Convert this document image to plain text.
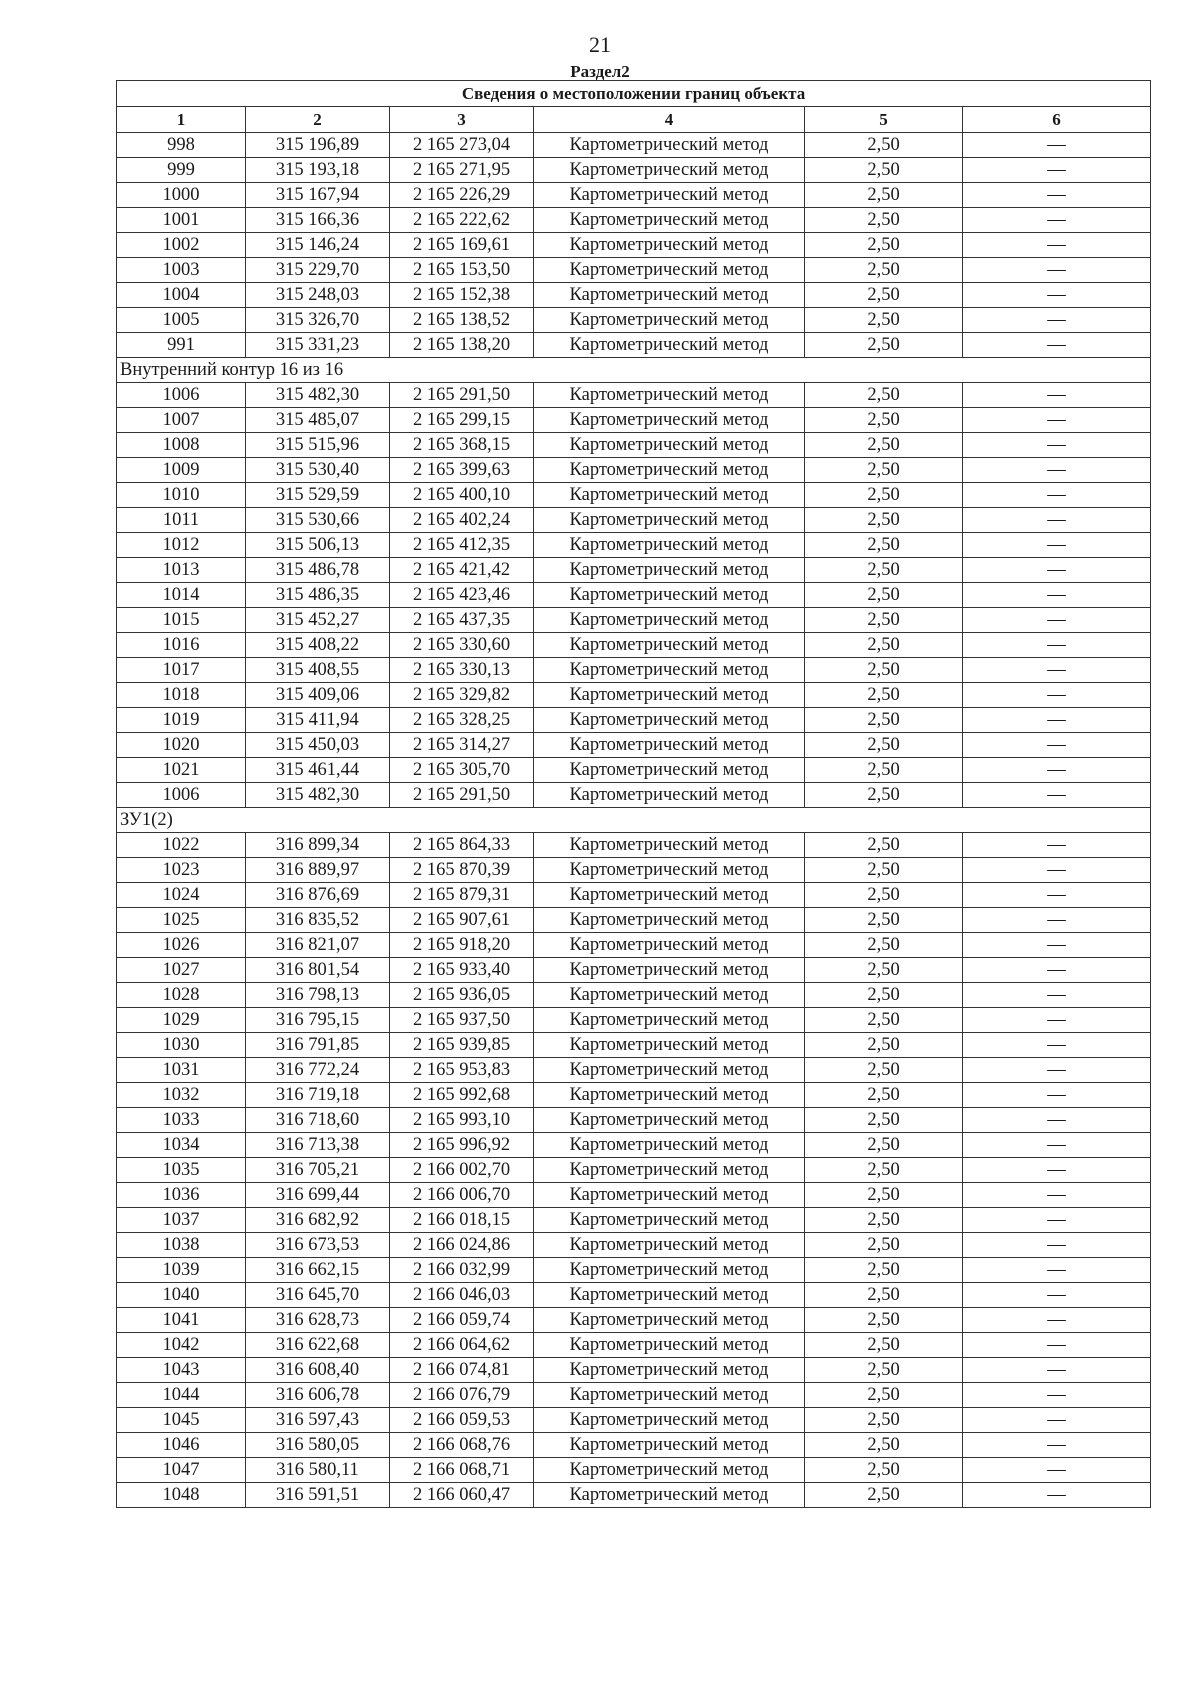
21
Раздел2
Сведения о местоположении границ объекта					
1	2	3	4	5	6
998	315 196,89	2 165 273,04	Картометрический метод	2,50	—
999	315 193,18	2 165 271,95	Картометрический метод	2,50	—
1000	315 167,94	2 165 226,29	Картометрический метод	2,50	—
1001	315 166,36	2 165 222,62	Картометрический метод	2,50	—
1002	315 146,24	2 165 169,61	Картометрический метод	2,50	—
1003	315 229,70	2 165 153,50	Картометрический метод	2,50	—
1004	315 248,03	2 165 152,38	Картометрический метод	2,50	—
1005	315 326,70	2 165 138,52	Картометрический метод	2,50	—
991	315 331,23	2 165 138,20	Картометрический метод	2,50	—
Внутренний контур 16 из 16					
1006	315 482,30	2 165 291,50	Картометрический метод	2,50	—
1007	315 485,07	2 165 299,15	Картометрический метод	2,50	—
1008	315 515,96	2 165 368,15	Картометрический метод	2,50	—
1009	315 530,40	2 165 399,63	Картометрический метод	2,50	—
1010	315 529,59	2 165 400,10	Картометрический метод	2,50	—
1011	315 530,66	2 165 402,24	Картометрический метод	2,50	—
1012	315 506,13	2 165 412,35	Картометрический метод	2,50	—
1013	315 486,78	2 165 421,42	Картометрический метод	2,50	—
1014	315 486,35	2 165 423,46	Картометрический метод	2,50	—
1015	315 452,27	2 165 437,35	Картометрический метод	2,50	—
1016	315 408,22	2 165 330,60	Картометрический метод	2,50	—
1017	315 408,55	2 165 330,13	Картометрический метод	2,50	—
1018	315 409,06	2 165 329,82	Картометрический метод	2,50	—
1019	315 411,94	2 165 328,25	Картометрический метод	2,50	—
1020	315 450,03	2 165 314,27	Картометрический метод	2,50	—
1021	315 461,44	2 165 305,70	Картометрический метод	2,50	—
1006	315 482,30	2 165 291,50	Картометрический метод	2,50	—
ЗУ1(2)					
1022	316 899,34	2 165 864,33	Картометрический метод	2,50	—
1023	316 889,97	2 165 870,39	Картометрический метод	2,50	—
1024	316 876,69	2 165 879,31	Картометрический метод	2,50	—
1025	316 835,52	2 165 907,61	Картометрический метод	2,50	—
1026	316 821,07	2 165 918,20	Картометрический метод	2,50	—
1027	316 801,54	2 165 933,40	Картометрический метод	2,50	—
1028	316 798,13	2 165 936,05	Картометрический метод	2,50	—
1029	316 795,15	2 165 937,50	Картометрический метод	2,50	—
1030	316 791,85	2 165 939,85	Картометрический метод	2,50	—
1031	316 772,24	2 165 953,83	Картометрический метод	2,50	—
1032	316 719,18	2 165 992,68	Картометрический метод	2,50	—
1033	316 718,60	2 165 993,10	Картометрический метод	2,50	—
1034	316 713,38	2 165 996,92	Картометрический метод	2,50	—
1035	316 705,21	2 166 002,70	Картометрический метод	2,50	—
1036	316 699,44	2 166 006,70	Картометрический метод	2,50	—
1037	316 682,92	2 166 018,15	Картометрический метод	2,50	—
1038	316 673,53	2 166 024,86	Картометрический метод	2,50	—
1039	316 662,15	2 166 032,99	Картометрический метод	2,50	—
1040	316 645,70	2 166 046,03	Картометрический метод	2,50	—
1041	316 628,73	2 166 059,74	Картометрический метод	2,50	—
1042	316 622,68	2 166 064,62	Картометрический метод	2,50	—
1043	316 608,40	2 166 074,81	Картометрический метод	2,50	—
1044	316 606,78	2 166 076,79	Картометрический метод	2,50	—
1045	316 597,43	2 166 059,53	Картометрический метод	2,50	—
1046	316 580,05	2 166 068,76	Картометрический метод	2,50	—
1047	316 580,11	2 166 068,71	Картометрический метод	2,50	—
1048	316 591,51	2 166 060,47	Картометрический метод	2,50	—
